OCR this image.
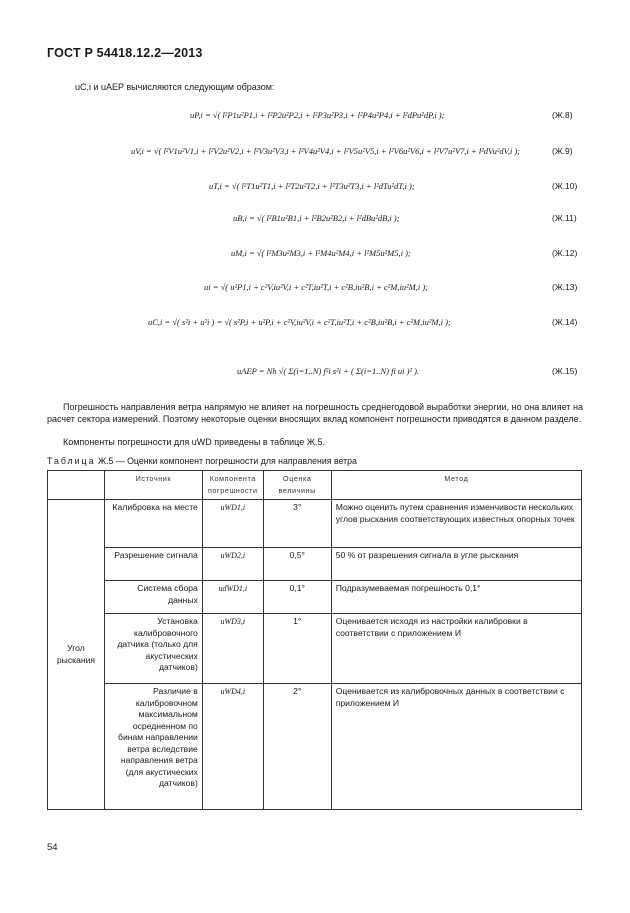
ГОСТ Р 54418.12.2—2013
uC,i и uAEP вычисляются следующим образом:
uP,i = √( l²P1u²P1,i + l²P2u²P2,i + l²P3u²P3,i + l²P4u²P4,i + l²dPu²dP,i );	(Ж.8)
uV,i = √( l²V1u²V1,i + l²V2u²V2,i + l²V3u²V3,i + l²V4u²V4,i + l²V5u²V5,i + l²V6u²V6,i + l²V7u²V7,i + l²dVu²dV,i );	(Ж.9)
uT,i = √( l²T1u²T1,i + l²T2u²T2,i + l²T3u²T3,i + l²dTu²dT,i );	(Ж.10)
uB,i = √( l²B1u²B1,i + l²B2u²B2,i + l²dBu²dB,i );	(Ж.11)
uM,i = √( l²M3u²M3,i + l²M4u²M4,i + l²M5u²M5,i );	(Ж.12)
ui = √( u²P1,i + c²V,iu²V,i + c²T,iu²T,i + c²B,iu²B,i + c²M,iu²M,i );	(Ж.13)
uC,i = √( s²i + u²i ) = √( s²P,i + u²P,i + c²V,iu²V,i + c²T,iu²T,i + c²B,iu²B,i + c²M,iu²M,i );	(Ж.14)
uAEP = Nh √( Σ(i=1..N) f²i s²i + ( Σ(i=1..N) fi ui )² ).	(Ж.15)
Погрешность направления ветра напрямую не влияет на погрешность среднегодовой выработки энергии, но она влияет на расчет сектора измерений. Поэтому некоторые оценки вносящих вклад компонент погрешности приводятся в данном разделе.
Компоненты погрешности для uWD приведены в таблице Ж.5.
Таблица Ж.5 — Оценки компонент погрешности для направления ветра
	Источник	Компонента погрешности	Оценка величины	Метод
Угол рыскания	Калибровка на месте	uWD1,i	3°	Можно оценить путем сравнения изменчивости нескольких углов рыскания соответствующих известных опорных точек
	Разрешение сигнала	uWD2,i	0,5°	50 % от разрешения сигнала в угле рыскания
	Система сбора данных	udWD1,i	0,1°	Подразумеваемая погрешность 0,1°
	Установка калибровочного датчика (только для акустических датчиков)	uWD3,i	1°	Оценивается исходя из настройки калибровки в соответствии с приложением И
	Различие в калибровочном максимальном осредненном по бинам направлении ветра вследствие направления ветра (для акустических датчиков)	uWD4,i	2°	Оценивается из калибровочных данных в соответствии с приложением И
54
